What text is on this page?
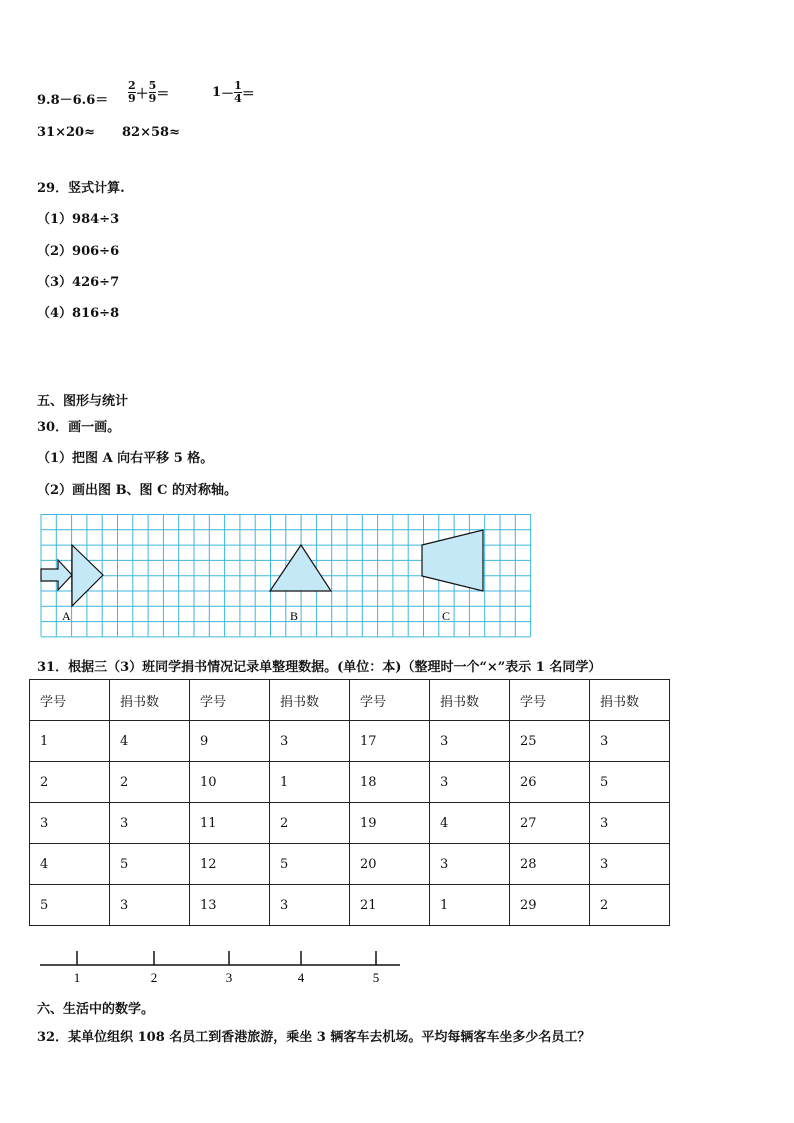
$9.8-6.6= \frac{2}{9} + \frac{5}{9}$ ＝	$1- \frac{1}{4}$ ＝
31×20≈ 82×58≈
29．竖式计算.
（1）984÷3
（2）906÷6
（3）426÷7
（4）816÷8
五、图形与统计
30．画一画。
（1）把图 A 向右平移 5 格。
（2）画出图 B、图 C 的对称轴。
A	B	C
31．根据三（3）班同学捐书情况记录单整理数据。(单位：本)（整理时一个“×”表示 1 名同学）
学号	捐书数	学号	捐书数	学号	捐书数	学号	捐书数
1	4	9	3	17	3	25	3
2	2	10	1	18	3	26	5
3	3	11	2	19	4	27	3
4	5	12	5	20	3	28	3
5	3	13	3	21	1	29	2
1	2	3	4	5
六、生活中的数学。
32．某单位组织 108 名员工到香港旅游，乘坐 3 辆客车去机场。平均每辆客车坐多少名员工？
